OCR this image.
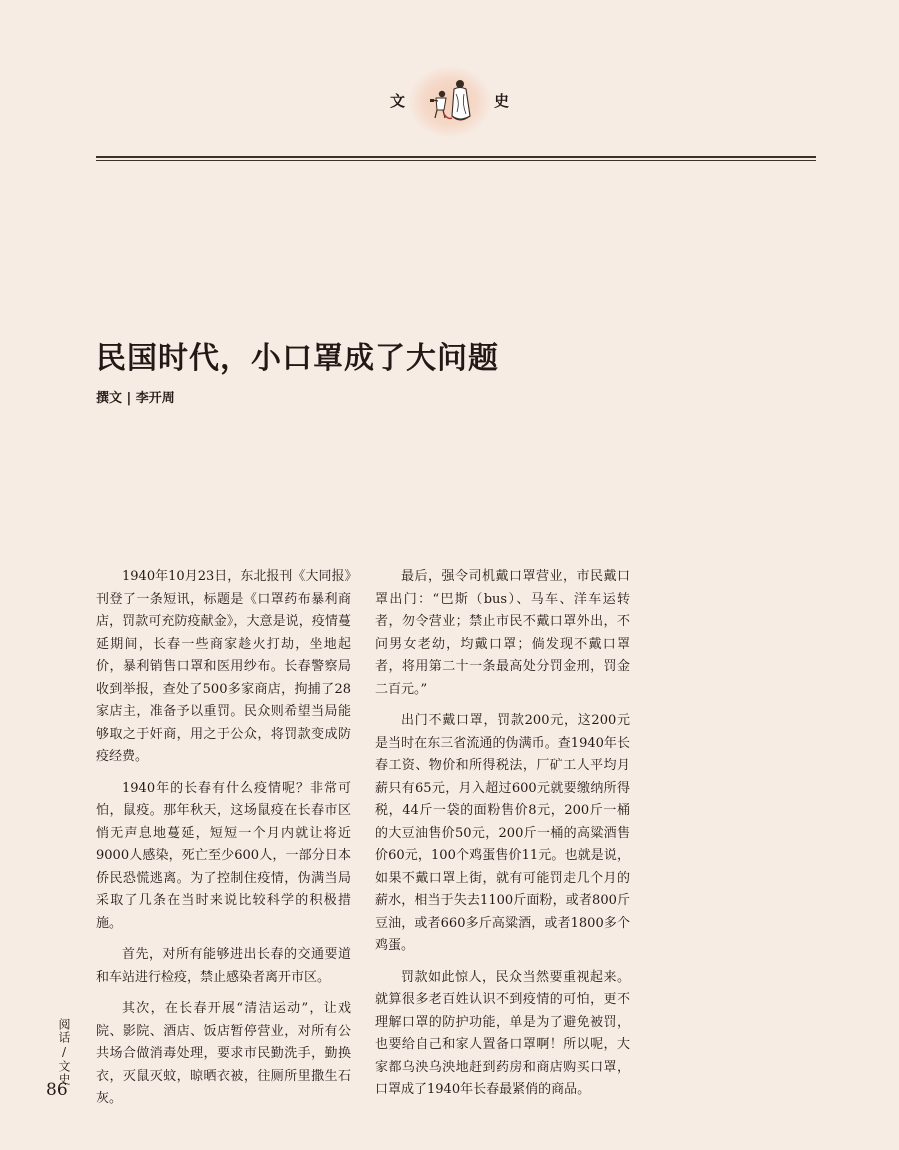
文	史
民国时代，小口罩成了大问题
撰文 | 李开周

1940年10月23日，东北报刊《大同报》刊登了一条短讯，标题是《口罩药布暴利商店，罚款可充防疫献金》，大意是说，疫情蔓延期间，长春一些商家趁火打劫，坐地起价，暴利销售口罩和医用纱布。长春警察局收到举报，查处了500多家商店，拘捕了28家店主，准备予以重罚。民众则希望当局能够取之于奸商，用之于公众，将罚款变成防疫经费。

1940年的长春有什么疫情呢？非常可怕，鼠疫。那年秋天，这场鼠疫在长春市区悄无声息地蔓延，短短一个月内就让将近9000人感染，死亡至少600人，一部分日本侨民恐慌逃离。为了控制住疫情，伪满当局采取了几条在当时来说比较科学的积极措施。

首先，对所有能够进出长春的交通要道和车站进行检疫，禁止感染者离开市区。

其次，在长春开展“清洁运动”，让戏院、影院、酒店、饭店暂停营业，对所有公共场合做消毒处理，要求市民勤洗手，勤换衣，灭鼠灭蚊，晾晒衣被，往厕所里撒生石灰。

最后，强令司机戴口罩营业，市民戴口罩出门：“巴斯（bus）、马车、洋车运转者，勿令营业；禁止市民不戴口罩外出，不问男女老幼，均戴口罩；倘发现不戴口罩者，将用第二十一条最高处分罚金刑，罚金二百元。”

出门不戴口罩，罚款200元，这200元是当时在东三省流通的伪满币。查1940年长春工资、物价和所得税法，厂矿工人平均月薪只有65元，月入超过600元就要缴纳所得税，44斤一袋的面粉售价8元，200斤一桶的大豆油售价50元，200斤一桶的高粱酒售价60元，100个鸡蛋售价11元。也就是说，如果不戴口罩上街，就有可能罚走几个月的薪水，相当于失去1100斤面粉，或者800斤豆油，或者660多斤高粱酒，或者1800多个鸡蛋。

罚款如此惊人，民众当然要重视起来。就算很多老百姓认识不到疫情的可怕，更不理解口罩的防护功能，单是为了避免被罚，也要给自己和家人置备口罩啊！所以呢，大家都乌泱乌泱地赶到药房和商店购买口罩，口罩成了1940年长春最紧俏的商品。

阅话
/
文史
86
